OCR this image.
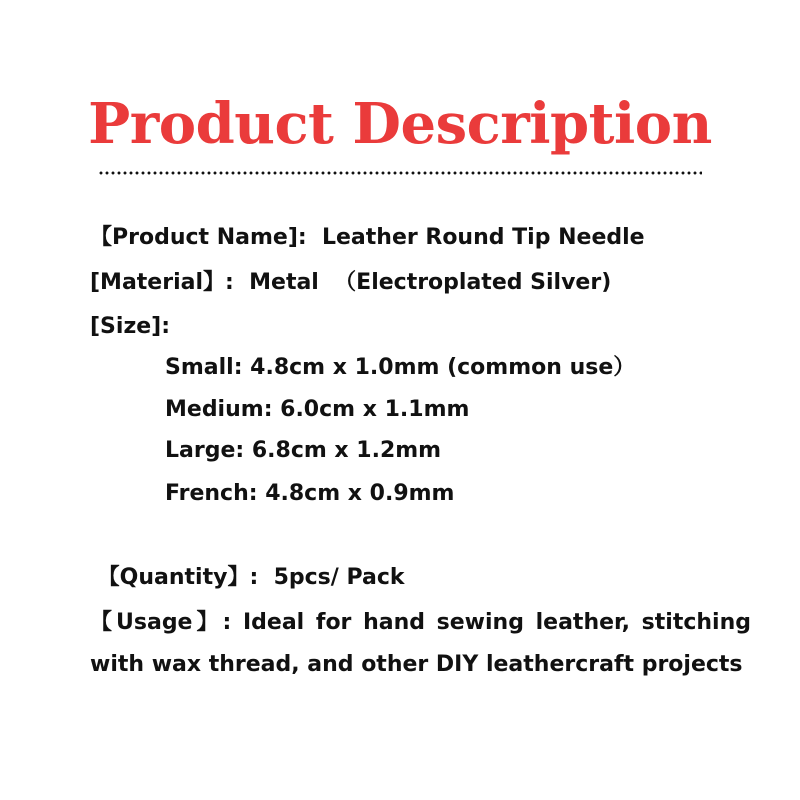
Product Description
【Product Name]:  Leather Round Tip Needle
[Material】:  Metal  （Electroplated Silver)
[Size]:
Small: 4.8cm x 1.0mm (common use）
Medium: 6.0cm x 1.1mm
Large: 6.8cm x 1.2mm
French: 4.8cm x 0.9mm
【Quantity】:  5pcs/ Pack
【Usage】: Ideal for hand sewing leather, stitching with wax thread, and other DIY leathercraft projects
